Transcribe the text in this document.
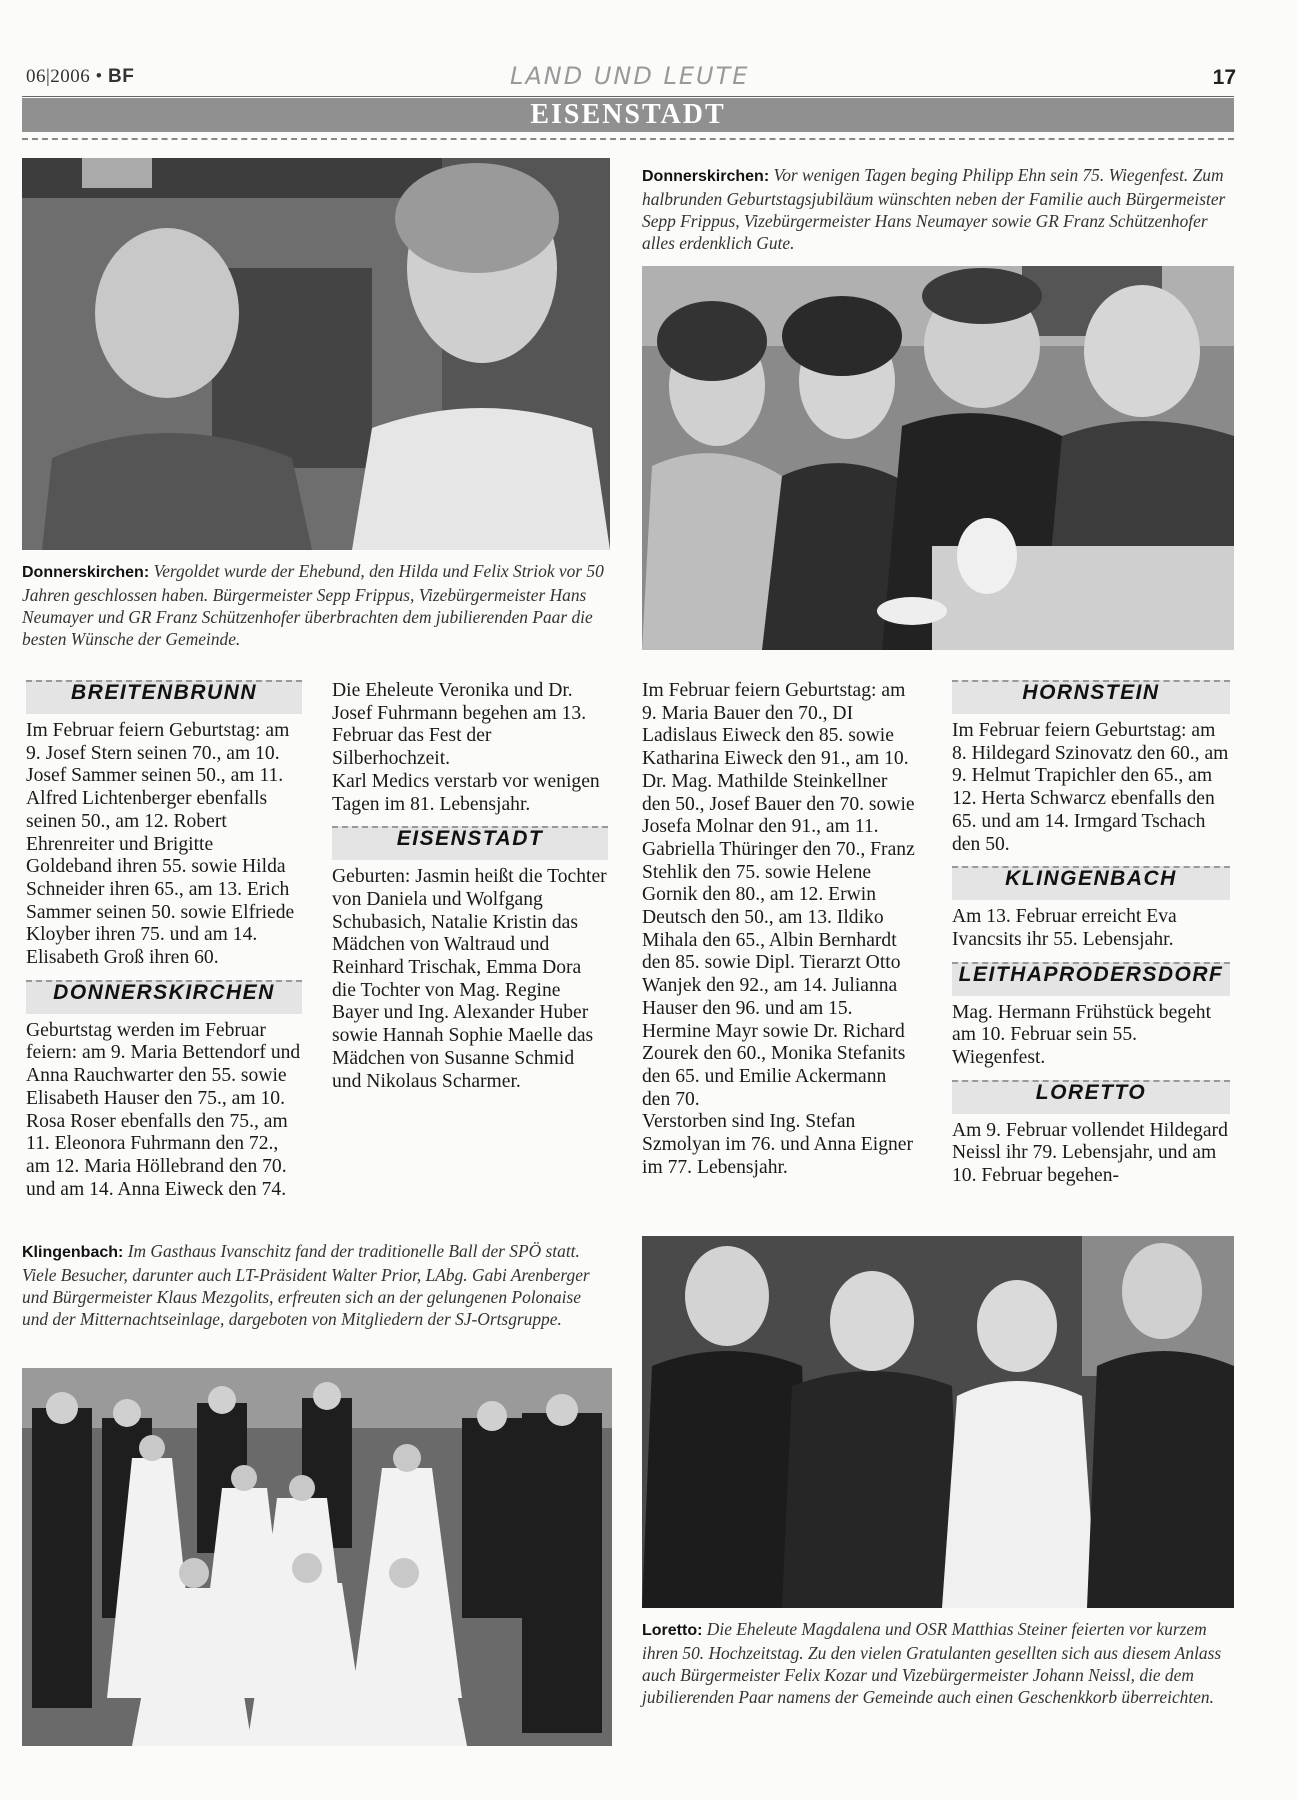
06|2006 • BF	LAND UND LEUTE	17
EISENSTADT
Donnerskirchen: Vergoldet wurde der Ehebund, den Hilda und Felix Striok vor 50 Jahren geschlossen haben. Bürgermeister Sepp Frippus, Vizebürgermeister Hans Neumayer und GR Franz Schützenhofer überbrachten dem jubilierenden Paar die besten Wünsche der Gemeinde.
Donnerskirchen: Vor wenigen Tagen beging Philipp Ehn sein 75. Wiegenfest. Zum halbrunden Geburtstagsjubiläum wünschten neben der Familie auch Bürgermeister Sepp Frippus, Vizebürgermeister Hans Neumayer sowie GR Franz Schützenhofer alles erdenklich Gute.
BREITENBRUNN

Im Februar feiern Geburtstag: am 9. Josef Stern seinen 70., am 10. Josef Sammer seinen 50., am 11. Alfred Lichtenberger ebenfalls seinen 50., am 12. Robert Ehrenreiter und Brigitte Goldeband ihren 55. sowie Hilda Schneider ihren 65., am 13. Erich Sammer seinen 50. sowie Elfriede Kloyber ihren 75. und am 14. Elisabeth Groß ihren 60.

DONNERSKIRCHEN

Geburtstag werden im Februar feiern: am 9. Maria Bettendorf und Anna Rauchwarter den 55. sowie Elisabeth Hauser den 75., am 10. Rosa Roser ebenfalls den 75., am 11. Eleonora Fuhrmann den 72., am 12. Maria Höllebrand den 70. und am 14. Anna Eiweck den 74.

Die Eheleute Veronika und Dr. Josef Fuhrmann begehen am 13. Februar das Fest der Silberhochzeit.

Karl Medics verstarb vor wenigen Tagen im 81. Lebensjahr.

EISENSTADT

Geburten: Jasmin heißt die Tochter von Daniela und Wolfgang Schubasich, Natalie Kristin das Mädchen von Waltraud und Reinhard Trischak, Emma Dora die Tochter von Mag. Regine Bayer und Ing. Alexander Huber sowie Hannah Sophie Maelle das Mädchen von Susanne Schmid und Nikolaus Scharmer.

Im Februar feiern Geburtstag: am 9. Maria Bauer den 70., DI Ladislaus Eiweck den 85. sowie Katharina Eiweck den 91., am 10. Dr. Mag. Mathilde Steinkellner den 50., Josef Bauer den 70. sowie Josefa Molnar den 91., am 11. Gabriella Thüringer den 70., Franz Stehlik den 75. sowie Helene Gornik den 80., am 12. Erwin Deutsch den 50., am 13. Ildiko Mihala den 65., Albin Bernhardt den 85. sowie Dipl. Tierarzt Otto Wanjek den 92., am 14. Julianna Hauser den 96. und am 15. Hermine Mayr sowie Dr. Richard Zourek den 60., Monika Stefanits den 65. und Emilie Ackermann den 70.

Verstorben sind Ing. Stefan Szmolyan im 76. und Anna Eigner im 77. Lebensjahr.

HORNSTEIN

Im Februar feiern Geburtstag: am 8. Hildegard Szinovatz den 60., am 9. Helmut Trapichler den 65., am 12. Herta Schwarcz ebenfalls den 65. und am 14. Irmgard Tschach den 50.

KLINGENBACH

Am 13. Februar erreicht Eva Ivancsits ihr 55. Lebensjahr.

LEITHAPRODERSDORF

Mag. Hermann Frühstück begeht am 10. Februar sein 55. Wiegenfest.

LORETTO

Am 9. Februar vollendet Hildegard Neissl ihr 79. Lebensjahr, und am 10. Februar begehen-

Klingenbach: Im Gasthaus Ivanschitz fand der traditionelle Ball der SPÖ statt. Viele Besucher, darunter auch LT-Präsident Walter Prior, LAbg. Gabi Arenberger und Bürgermeister Klaus Mezgolits, erfreuten sich an der gelungenen Polonaise und der Mitternachtseinlage, dargeboten von Mitgliedern der SJ-Ortsgruppe.
Loretto: Die Eheleute Magdalena und OSR Matthias Steiner feierten vor kurzem ihren 50. Hochzeitstag. Zu den vielen Gratulanten gesellten sich aus diesem Anlass auch Bürgermeister Felix Kozar und Vizebürgermeister Johann Neissl, die dem jubilierenden Paar namens der Gemeinde auch einen Geschenkkorb überreichten.
